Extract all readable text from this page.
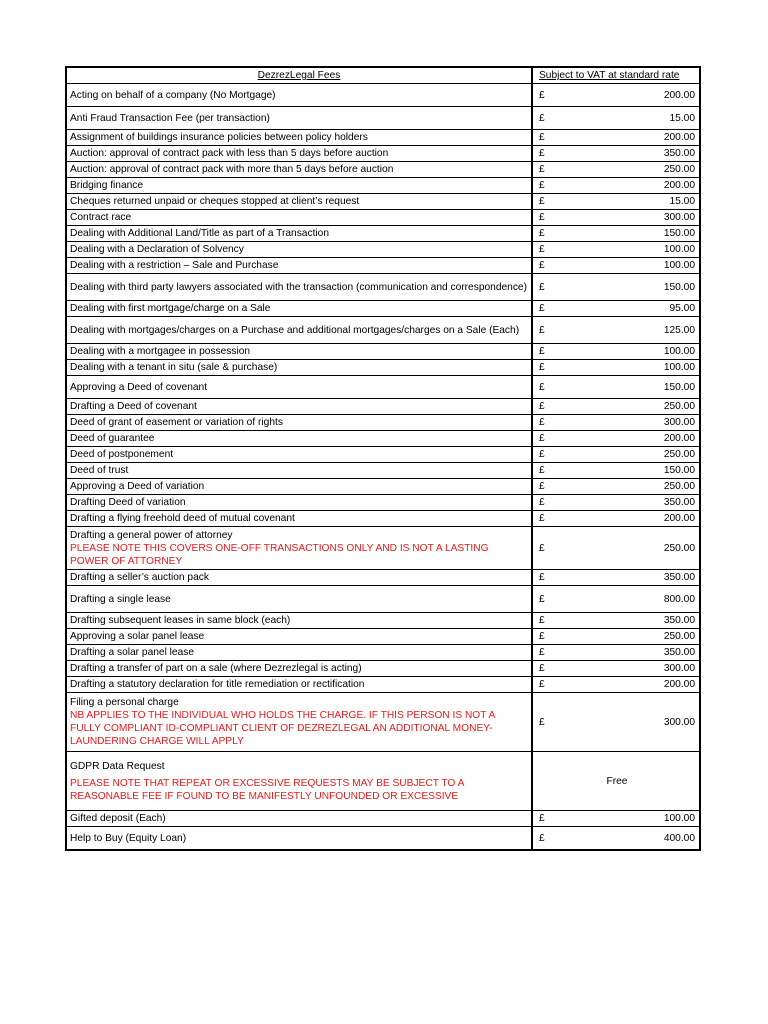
DezrezLegal Fees	Subject to VAT at standard rate
Acting on behalf of a company (No Mortgage)	£ 200.00

Anti Fraud Transaction Fee (per transaction)	£ 15.00

Assignment of buildings insurance policies between policy holders	£ 200.00

Auction: approval of contract pack with less than 5 days before auction	£ 350.00

Auction: approval of contract pack with more than 5 days before auction	£ 250.00

Bridging finance	£ 200.00

Cheques returned unpaid or cheques stopped at client’s request	£ 15.00

Contract race	£ 300.00

Dealing with Additional Land/Title as part of a Transaction	£ 150.00

Dealing with a Declaration of Solvency	£ 100.00

Dealing with a restriction – Sale and Purchase	£ 100.00

Dealing with third party lawyers associated with the transaction (communication and correspondence)	£ 150.00

Dealing with first mortgage/charge on a Sale	£ 95.00

Dealing with mortgages/charges on a Purchase and additional mortgages/charges on a Sale (Each)	£ 125.00

Dealing with a mortgagee in possession	£ 100.00

Dealing with a tenant in situ (sale & purchase)	£ 100.00

Approving a Deed of covenant	£ 150.00

Drafting a Deed of covenant	£ 250.00

Deed of grant of easement or variation of rights	£ 300.00

Deed of guarantee	£ 200.00

Deed of postponement	£ 250.00

Deed of trust	£ 150.00

Approving a Deed of variation	£ 250.00

Drafting Deed of variation	£ 350.00

Drafting a flying freehold deed of mutual covenant	£ 200.00

Drafting a general power of attorney
PLEASE NOTE THIS COVERS ONE-OFF TRANSACTIONS ONLY AND IS NOT A LASTING POWER OF ATTORNEY	£ 250.00

Drafting a seller’s auction pack	£ 350.00

Drafting a single lease	£ 800.00

Drafting subsequent leases in same block (each)	£ 350.00

Approving a solar panel lease	£ 250.00

Drafting a solar panel lease	£ 350.00

Drafting a transfer of part on a sale (where Dezrezlegal is acting)	£ 300.00

Drafting a statutory declaration for title remediation or rectification	£ 200.00

Filing a personal charge
NB APPLIES TO THE INDIVIDUAL WHO HOLDS THE CHARGE. IF THIS PERSON IS NOT A FULLY COMPLIANT ID-COMPLIANT CLIENT OF DEZREZLEGAL AN ADDITIONAL MONEY-LAUNDERING CHARGE WILL APPLY	£ 300.00

GDPR Data Request
PLEASE NOTE THAT REPEAT OR EXCESSIVE REQUESTS MAY BE SUBJECT TO A REASONABLE FEE IF FOUND TO BE MANIFESTLY UNFOUNDED OR EXCESSIVE	Free

Gifted deposit (Each)	£ 100.00

Help to Buy (Equity Loan)	£ 400.00
